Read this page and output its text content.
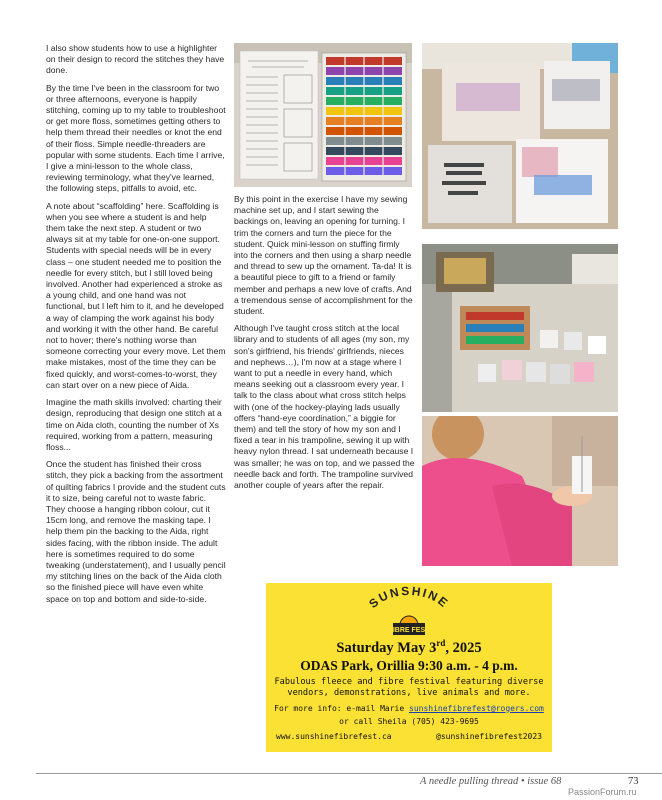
I also show students how to use a highlighter on their design to record the stitches they have done.

By the time I've been in the classroom for two or three afternoons, everyone is happily stitching, coming up to my table to troubleshoot or get more floss, sometimes getting others to help them thread their needles or knot the end of their floss. Simple needle-threaders are popular with some students. Each time I arrive, I give a mini-lesson to the whole class, reviewing terminology, what they've learned, the following steps, pitfalls to avoid, etc.

A note about “scaffolding” here. Scaffolding is when you see where a student is and help them take the next step. A student or two always sit at my table for one-on-one support. Students with special needs will be in every class – one student needed me to position the needle for every stitch, but I still loved being involved. Another had experienced a stroke as a young child, and one hand was not functional, but I left him to it, and he developed a way of clamping the work against his body and working it with the other hand. Be careful not to hover; there's nothing worse than someone correcting your every move. Let them make mistakes, most of the time they can be fixed quickly, and worst-comes-to-worst, they can start over on a new piece of Aida.

Imagine the math skills involved: charting their design, reproducing that design one stitch at a time on Aida cloth, counting the number of Xs required, working from a pattern, measuring floss...

Once the student has finished their cross stitch, they pick a backing from the assortment of quilting fabrics I provide and the student cuts it to size, being careful not to waste fabric. They choose a hanging ribbon colour, cut it 15cm long, and remove the masking tape. I help them pin the backing to the Aida, right sides facing, with the ribbon inside. The adult here is sometimes required to do some tweaking (understatement), and I usually pencil my stitching lines on the back of the Aida cloth so the finished piece will have even white space on top and bottom and side-to-side.

By this point in the exercise I have my sewing machine set up, and I start sewing the backings on, leaving an opening for turning. I trim the corners and turn the piece for the student. Quick mini-lesson on stuffing firmly into the corners and then using a sharp needle and thread to sew up the ornament. Ta-da! It is a beautiful piece to gift to a friend or family member and perhaps a new love of crafts. And a tremendous sense of accomplishment for the student.

Although I've taught cross stitch at the local library and to students of all ages (my son, my son's girlfriend, his friends' girlfriends, nieces and nephews…), I'm now at a stage where I want to put a needle in every hand, which means seeking out a classroom every year. I talk to the class about what cross stitch helps with (one of the hockey-playing lads usually offers “hand-eye coordination,” a biggie for them) and tell the story of how my son and I fixed a tear in his trampoline, sewing it up with heavy nylon thread. I sat underneath because I was smaller; he was on top, and we passed the needle back and forth. The trampoline survived another couple of years after the repair.

SUNSHINE
FIBRE FEST
Saturday May 3rd, 2025
ODAS Park, Orillia 9:30 a.m. - 4 p.m.
Fabulous fleece and fibre festival featuring diverse
vendors, demonstrations, live animals and more.
For more info: e-mail Marie sunshinefibrefest@rogers.com
or call Sheila (705) 423-9695
www.sunshinefibrefest.ca	@sunshinefibrefest2023
A needle pulling thread • issue 68	73
PassionForum.ru
